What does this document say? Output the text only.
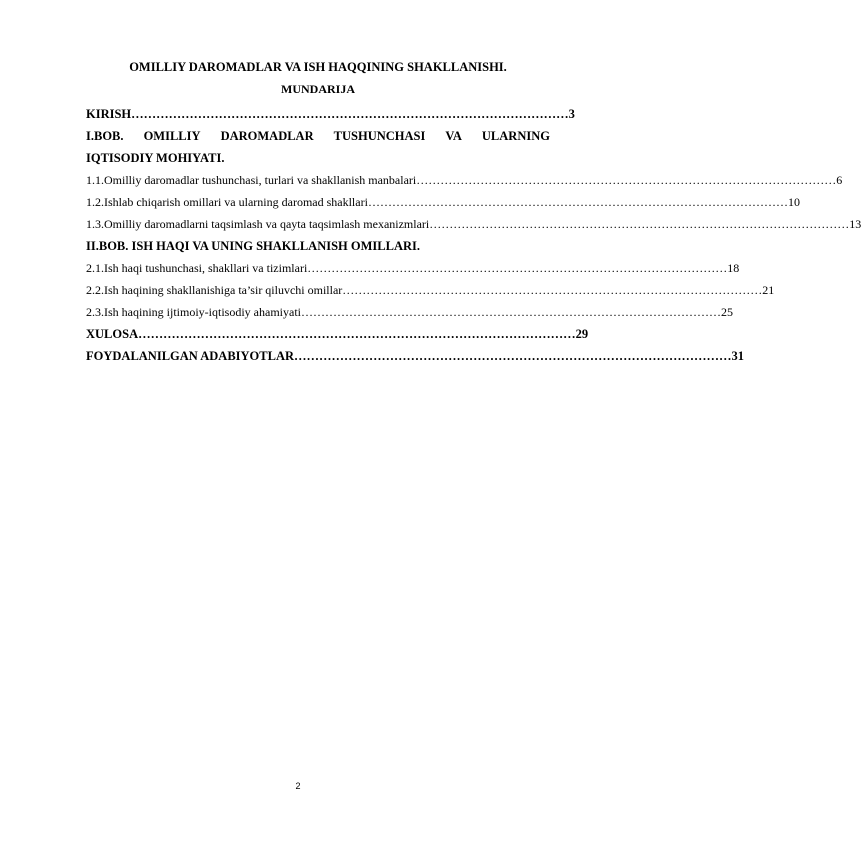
OMILLIY DAROMADLAR VA ISH HAQQINING SHAKLLANISHI.
MUNDARIJA
KIRISH …………………………………………………………………………………………… 3
I.BOB. OMILLIY DAROMADLAR TUSHUNCHASI VA ULARNING
IQTISODIY MOHIYATI.
1.1.Omilliy daromadlar tushunchasi, turlari va shakllanish manbalari …………………………………………………………………………………………… 6
1.2.Ishlab chiqarish omillari va ularning daromad shakllari …………………………………………………………………………………………… 10
1.3.Omilliy daromadlarni taqsimlash va qayta taqsimlash mexanizmlari …………………………………………………………………………………………… 13
II.BOB. ISH HAQI VA UNING SHAKLLANISH OMILLARI.
2.1.Ish haqi tushunchasi, shakllari va tizimlari …………………………………………………………………………………………… 18
2.2.Ish haqining shakllanishiga ta’sir qiluvchi omillar …………………………………………………………………………………………… 21
2.3.Ish haqining ijtimoiy-iqtisodiy ahamiyati …………………………………………………………………………………………… 25
XULOSA …………………………………………………………………………………………… 29
FOYDALANILGAN ADABIYOTLAR …………………………………………………………………………………………… 31
2
